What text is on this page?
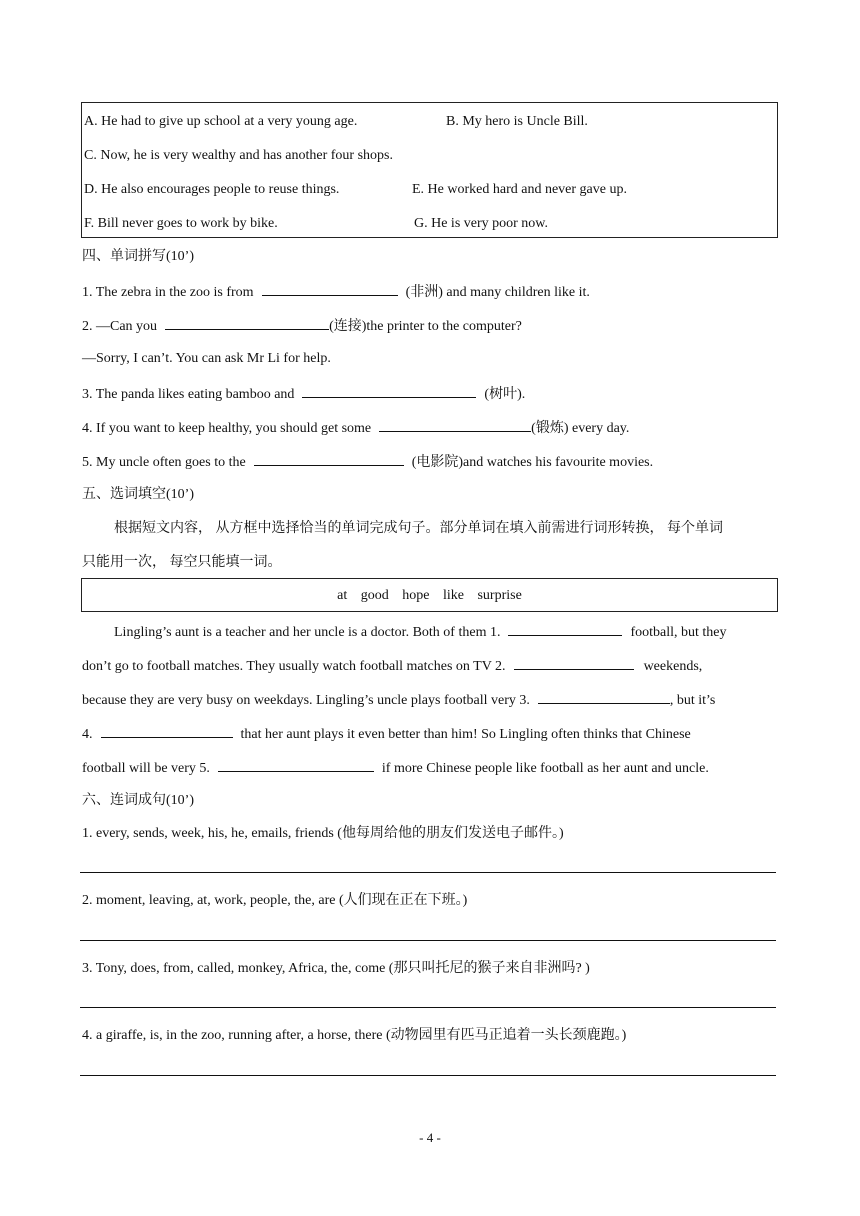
A. He had to give up school at a very young age.	B. My hero is Uncle Bill.
C. Now, he is very wealthy and has another four shops.
D. He also encourages people to reuse things.	E. He worked hard and never gave up.
F. Bill never goes to work by bike.	G. He is very poor now.
四、单词拼写(10’)
1. The zebra in the zoo is from	(非洲) and many children like it.
2. —Can you	(连接)the printer to the computer?
—Sorry, I can’t. You can ask Mr Li for help.
3. The panda likes eating bamboo and	(树叶).
4. If you want to keep healthy, you should get some	(锻炼) every day.
5. My uncle often goes to the	(电影院)and watches his favourite movies.
五、选词填空(10’)
根据短文内容， 从方框中选择恰当的单词完成句子。部分单词在填入前需进行词形转换， 每个单词
只能用一次， 每空只能填一词。
at good hope like surprise
Lingling’s aunt is a teacher and her uncle is a doctor. Both of them 1.	football, but they
don’t go to football matches. They usually watch football matches on TV 2.	weekends,
because they are very busy on weekdays. Lingling’s uncle plays football very 3.	, but it’s
4.	that her aunt plays it even better than him! So Lingling often thinks that Chinese
football will be very 5.	if more Chinese people like football as her aunt and uncle.
六、连词成句(10’)
1. every, sends, week, his, he, emails, friends (他每周给他的朋友们发送电子邮件。)
2. moment, leaving, at, work, people, the, are (人们现在正在下班。)
3. Tony, does, from, called, monkey, Africa, the, come (那只叫托尼的猴子来自非洲吗? )
4. a giraffe, is, in the zoo, running after, a horse, there (动物园里有匹马正追着一头长颈鹿跑。)
- 4 -
